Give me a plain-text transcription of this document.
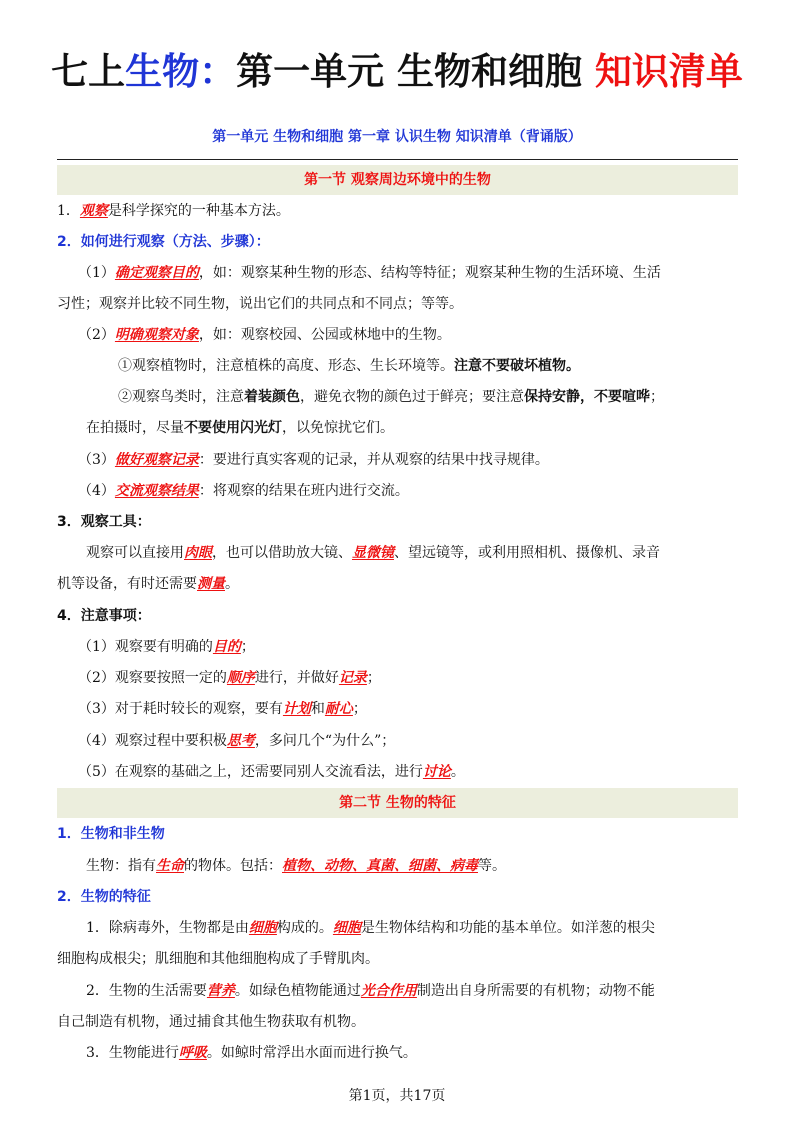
七上生物：第一单元 生物和细胞 知识清单
第一单元 生物和细胞 第一章 认识生物 知识清单（背诵版）
第一节 观察周边环境中的生物
1．观察是科学探究的一种基本方法。
2．如何进行观察（方法、步骤）：
（1）确定观察目的，如：观察某种生物的形态、结构等特征；观察某种生物的生活环境、生活
习性；观察并比较不同生物，说出它们的共同点和不同点；等等。
（2）明确观察对象，如：观察校园、公园或林地中的生物。
①观察植物时，注意植株的高度、形态、生长环境等。注意不要破坏植物。
②观察鸟类时，注意着装颜色，避免衣物的颜色过于鲜亮；要注意保持安静，不要喧哗；
在拍摄时，尽量不要使用闪光灯，以免惊扰它们。
（3）做好观察记录：要进行真实客观的记录，并从观察的结果中找寻规律。
（4）交流观察结果：将观察的结果在班内进行交流。
3．观察工具：
观察可以直接用肉眼，也可以借助放大镜、显微镜、望远镜等，或利用照相机、摄像机、录音
机等设备，有时还需要测量。
4．注意事项：
（1）观察要有明确的目的；
（2）观察要按照一定的顺序进行，并做好记录；
（3）对于耗时较长的观察，要有计划和耐心；
（4）观察过程中要积极思考，多问几个“为什么”；
（5）在观察的基础之上，还需要同别人交流看法，进行讨论。
第二节 生物的特征
1．生物和非生物
生物：指有生命的物体。包括：植物、动物、真菌、细菌、病毒等。
2．生物的特征
1．除病毒外，生物都是由细胞构成的。细胞是生物体结构和功能的基本单位。如洋葱的根尖
细胞构成根尖；肌细胞和其他细胞构成了手臂肌肉。
2．生物的生活需要营养。如绿色植物能通过光合作用制造出自身所需要的有机物；动物不能
自己制造有机物，通过捕食其他生物获取有机物。
3．生物能进行呼吸。如鲸时常浮出水面而进行换气。
第1页，共17页
